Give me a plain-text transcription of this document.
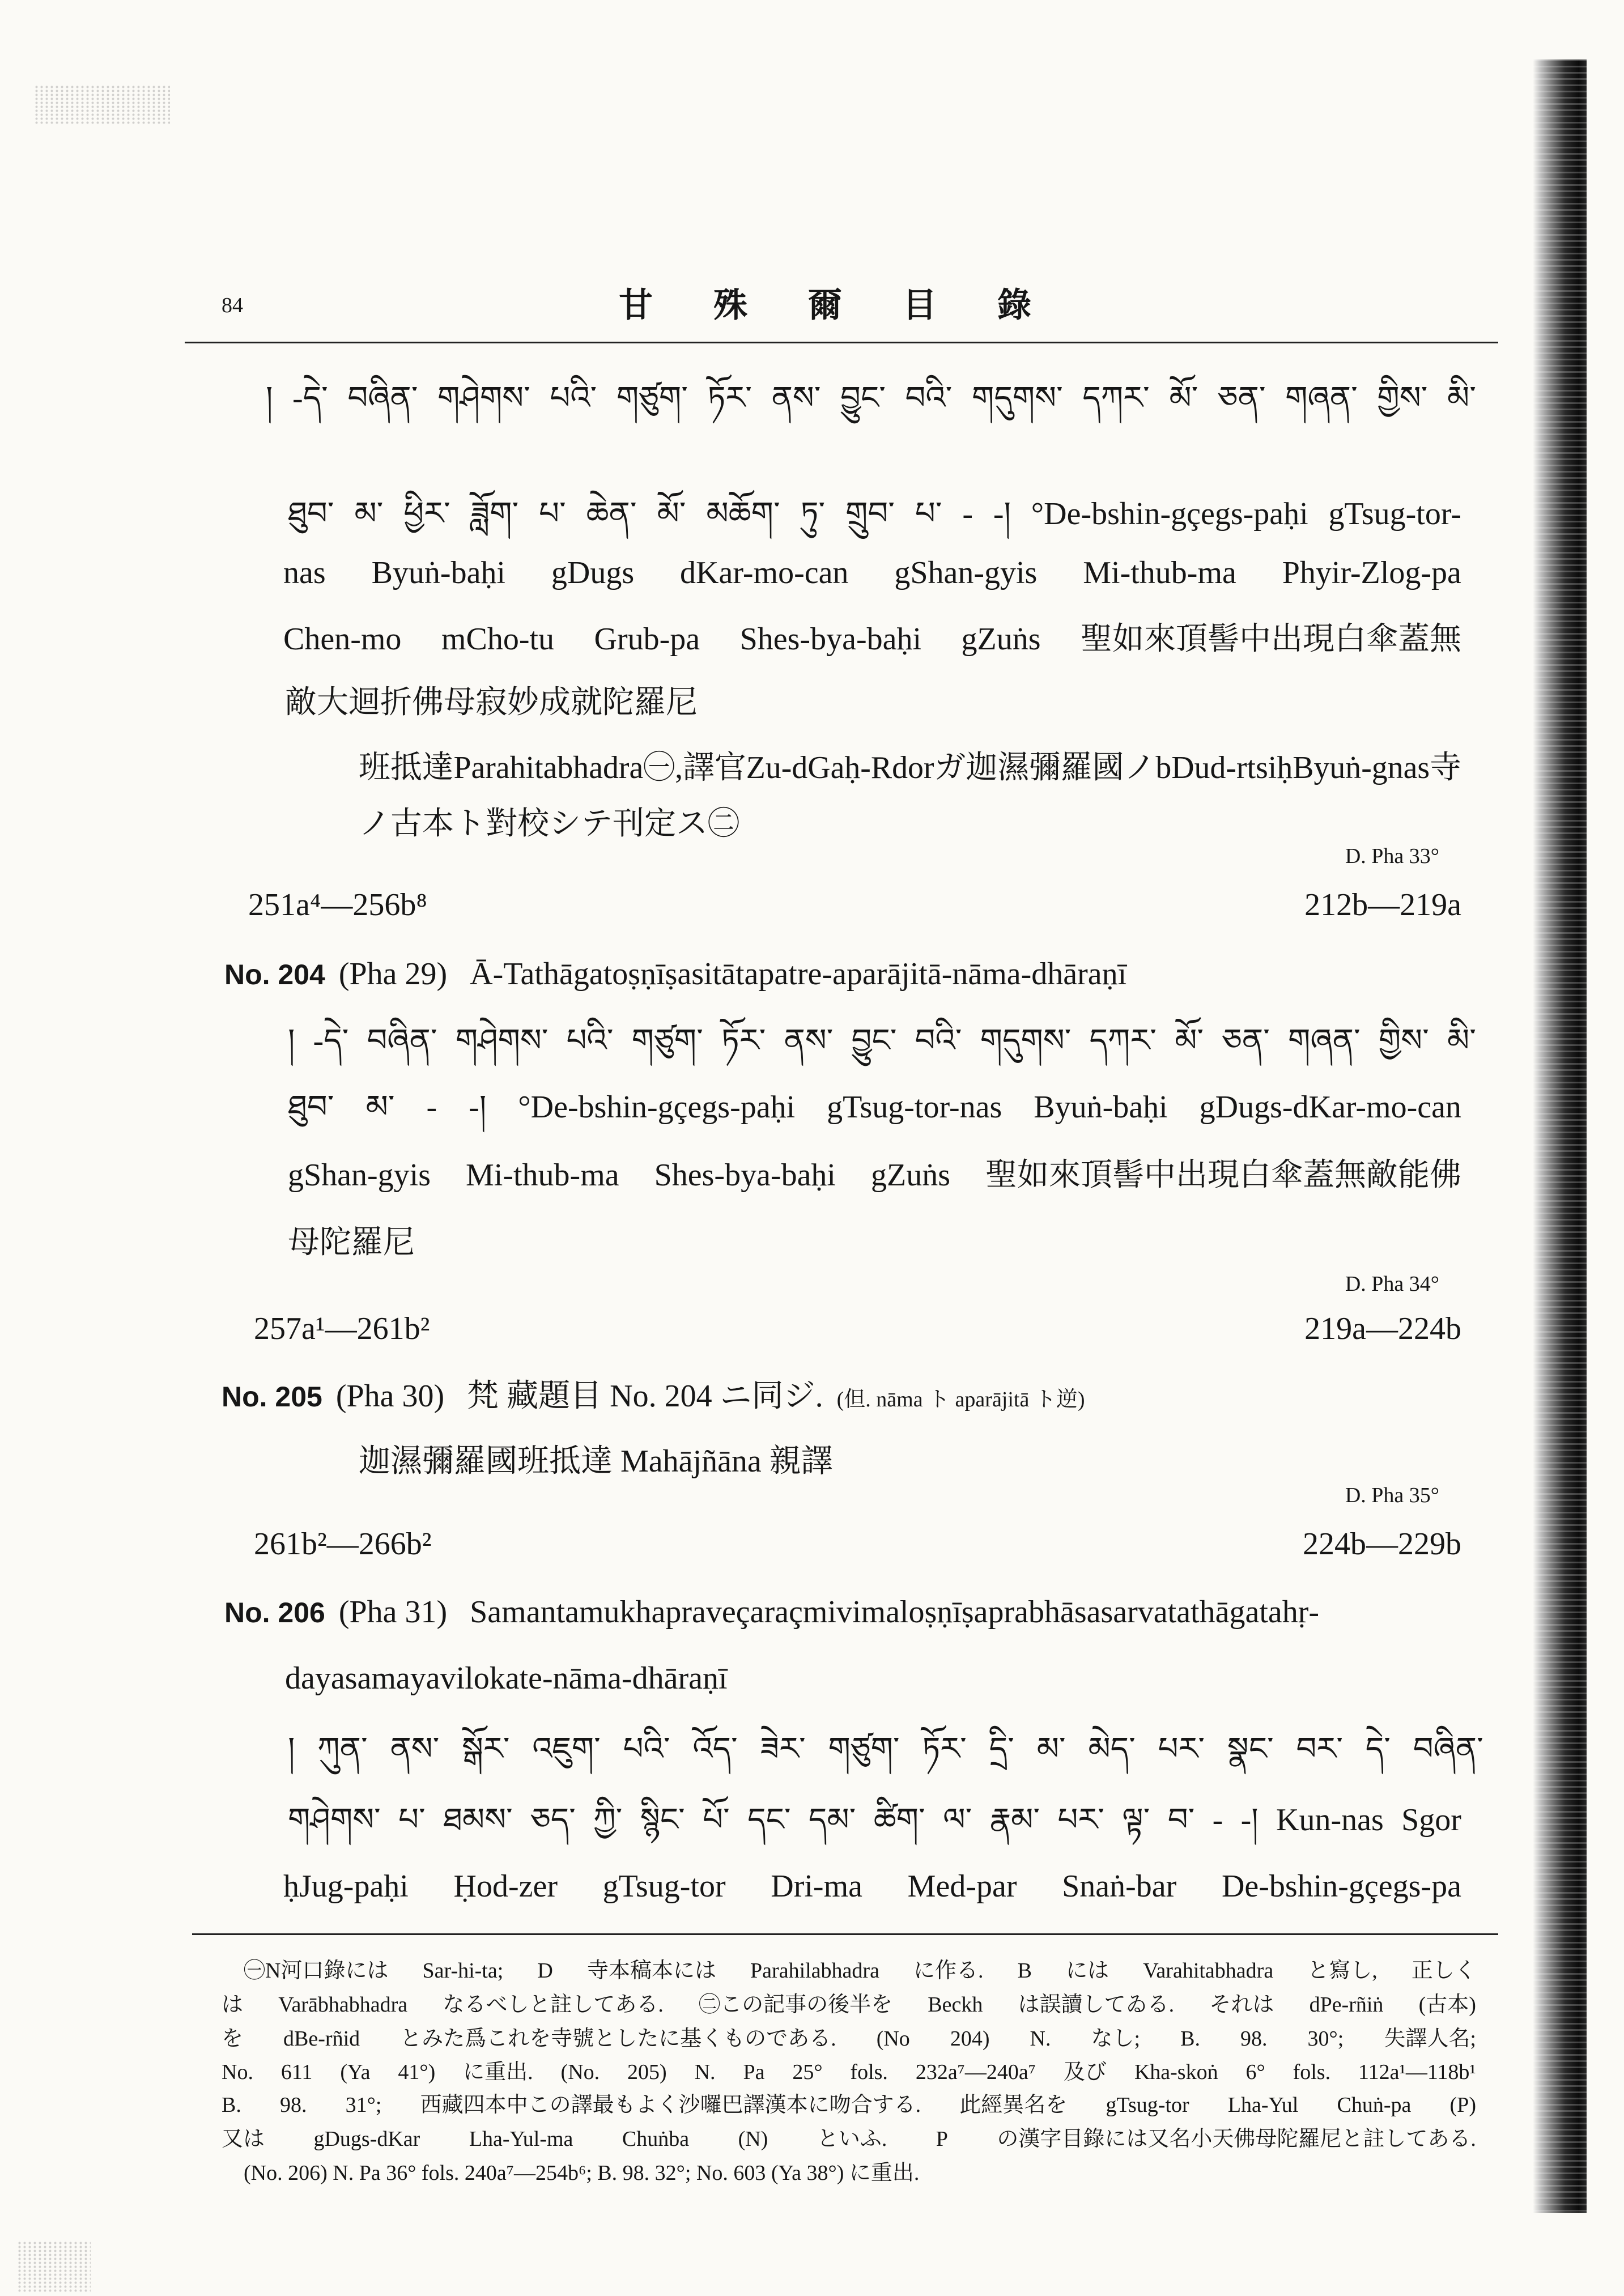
84	甘 殊 爾 目 錄
། -དེ་ བཞིན་ གཤེགས་ པའི་ གཙུག་ ཏོར་ ནས་ བྱུང་ བའི་ གདུགས་ དཀར་ མོ་ ཅན་ གཞན་ གྱིས་ མི་
ཐུབ་ མ་ ཕྱིར་ ཟློག་ པ་ ཆེན་ མོ་ མཆོག་ ཏུ་ གྲུབ་ པ་ - -། °De-bshin-gçegs-paḥi gTsug-tor-
nas Byuṅ-baḥi gDugs dKar-mo-can gShan-gyis Mi-thub-ma Phyir-Zlog-pa
Chen-mo mCho-tu Grub-pa Shes-bya-baḥi gZuṅs 聖如來頂髻中出現白傘蓋無
敵大迴折佛母寂妙成就陀羅尼
班抵達 Parahitabhadra㊀, 譯官 Zu-dGaḥ-Rdor ガ迦濕彌羅國ノ bDud-rtsi ḥByuṅ-gnas 寺
ノ古本ト對校シテ刊定ス㊁
D. Pha 33°
251a⁴—256b⁸	212b—219a
No. 204 (Pha 29) Ā-Tathāgatoṣṇīṣasitātapatre-aparājitā-nāma-dhāraṇī
། -དེ་ བཞིན་ གཤེགས་ པའི་ གཙུག་ ཏོར་ ནས་ བྱུང་ བའི་ གདུགས་ དཀར་ མོ་ ཅན་ གཞན་ གྱིས་ མི་
ཐུབ་ མ་ - -། °De-bshin-gçegs-paḥi gTsug-tor-nas Byuṅ-baḥi gDugs-dKar-mo-can
gShan-gyis Mi-thub-ma Shes-bya-baḥi gZuṅs 聖如來頂髻中出現白傘蓋無敵能佛
母陀羅尼
D. Pha 34°
257a¹—261b²	219a—224b
No. 205 (Pha 30) 梵 藏題目 No. 204 ニ同ジ. (但. nāma ト aparājitā ト逆)
迦濕彌羅國班抵達 Mahājñāna 親譯
D. Pha 35°
261b²—266b²	224b—229b
No. 206 (Pha 31) Samantamukhapraveçaraçmivimaloṣṇīṣaprabhāsasarvatathāgatahṛ-
dayasamayavilokate-nāma-dhāraṇī
། ཀུན་ ནས་ སྒོར་ འཇུག་ པའི་ འོད་ ཟེར་ གཙུག་ ཏོར་ དྲི་ མ་ མེད་ པར་ སྣང་ བར་ དེ་ བཞིན་
གཤེགས་ པ་ ཐམས་ ཅད་ ཀྱི་ སྙིང་ པོ་ དང་ དམ་ ཚིག་ ལ་ རྣམ་ པར་ ལྟ་ བ་ - -། Kun-nas Sgor
ḥJug-paḥi Ḥod-zer gTsug-tor Dri-ma Med-par Snaṅ-bar De-bshin-gçegs-pa
㊀N河口錄には Sar-hi-ta; D 寺本稿本には Parahilabhadra に作る. B には Varahitabhadra と寫し, 正しく
は Varābhabhadra なるべしと註してある. ㊁この記事の後半を Beckh は誤讀してゐる. それは dPe-rñiṅ (古本)
を dBe-rñid とみた爲これを寺號としたに基くものである. (No 204) N. なし; B. 98. 30°; 失譯人名;
No. 611 (Ya 41°) に重出. (No. 205) N. Pa 25° fols. 232a⁷—240a⁷ 及び Kha-skoṅ 6° fols. 112a¹—118b¹
B. 98. 31°; 西藏四本中この譯最もよく沙囉巴譯漢本に吻合する. 此經異名を gTsug-tor Lha-Yul Chuṅ-pa (P)
又は gDugs-dKar Lha-Yul-ma Chuṅba (N) といふ. P の漢字目錄には又名小天佛母陀羅尼と註してある.
(No. 206) N. Pa 36° fols. 240a⁷—254b⁶; B. 98. 32°; No. 603 (Ya 38°) に重出.
